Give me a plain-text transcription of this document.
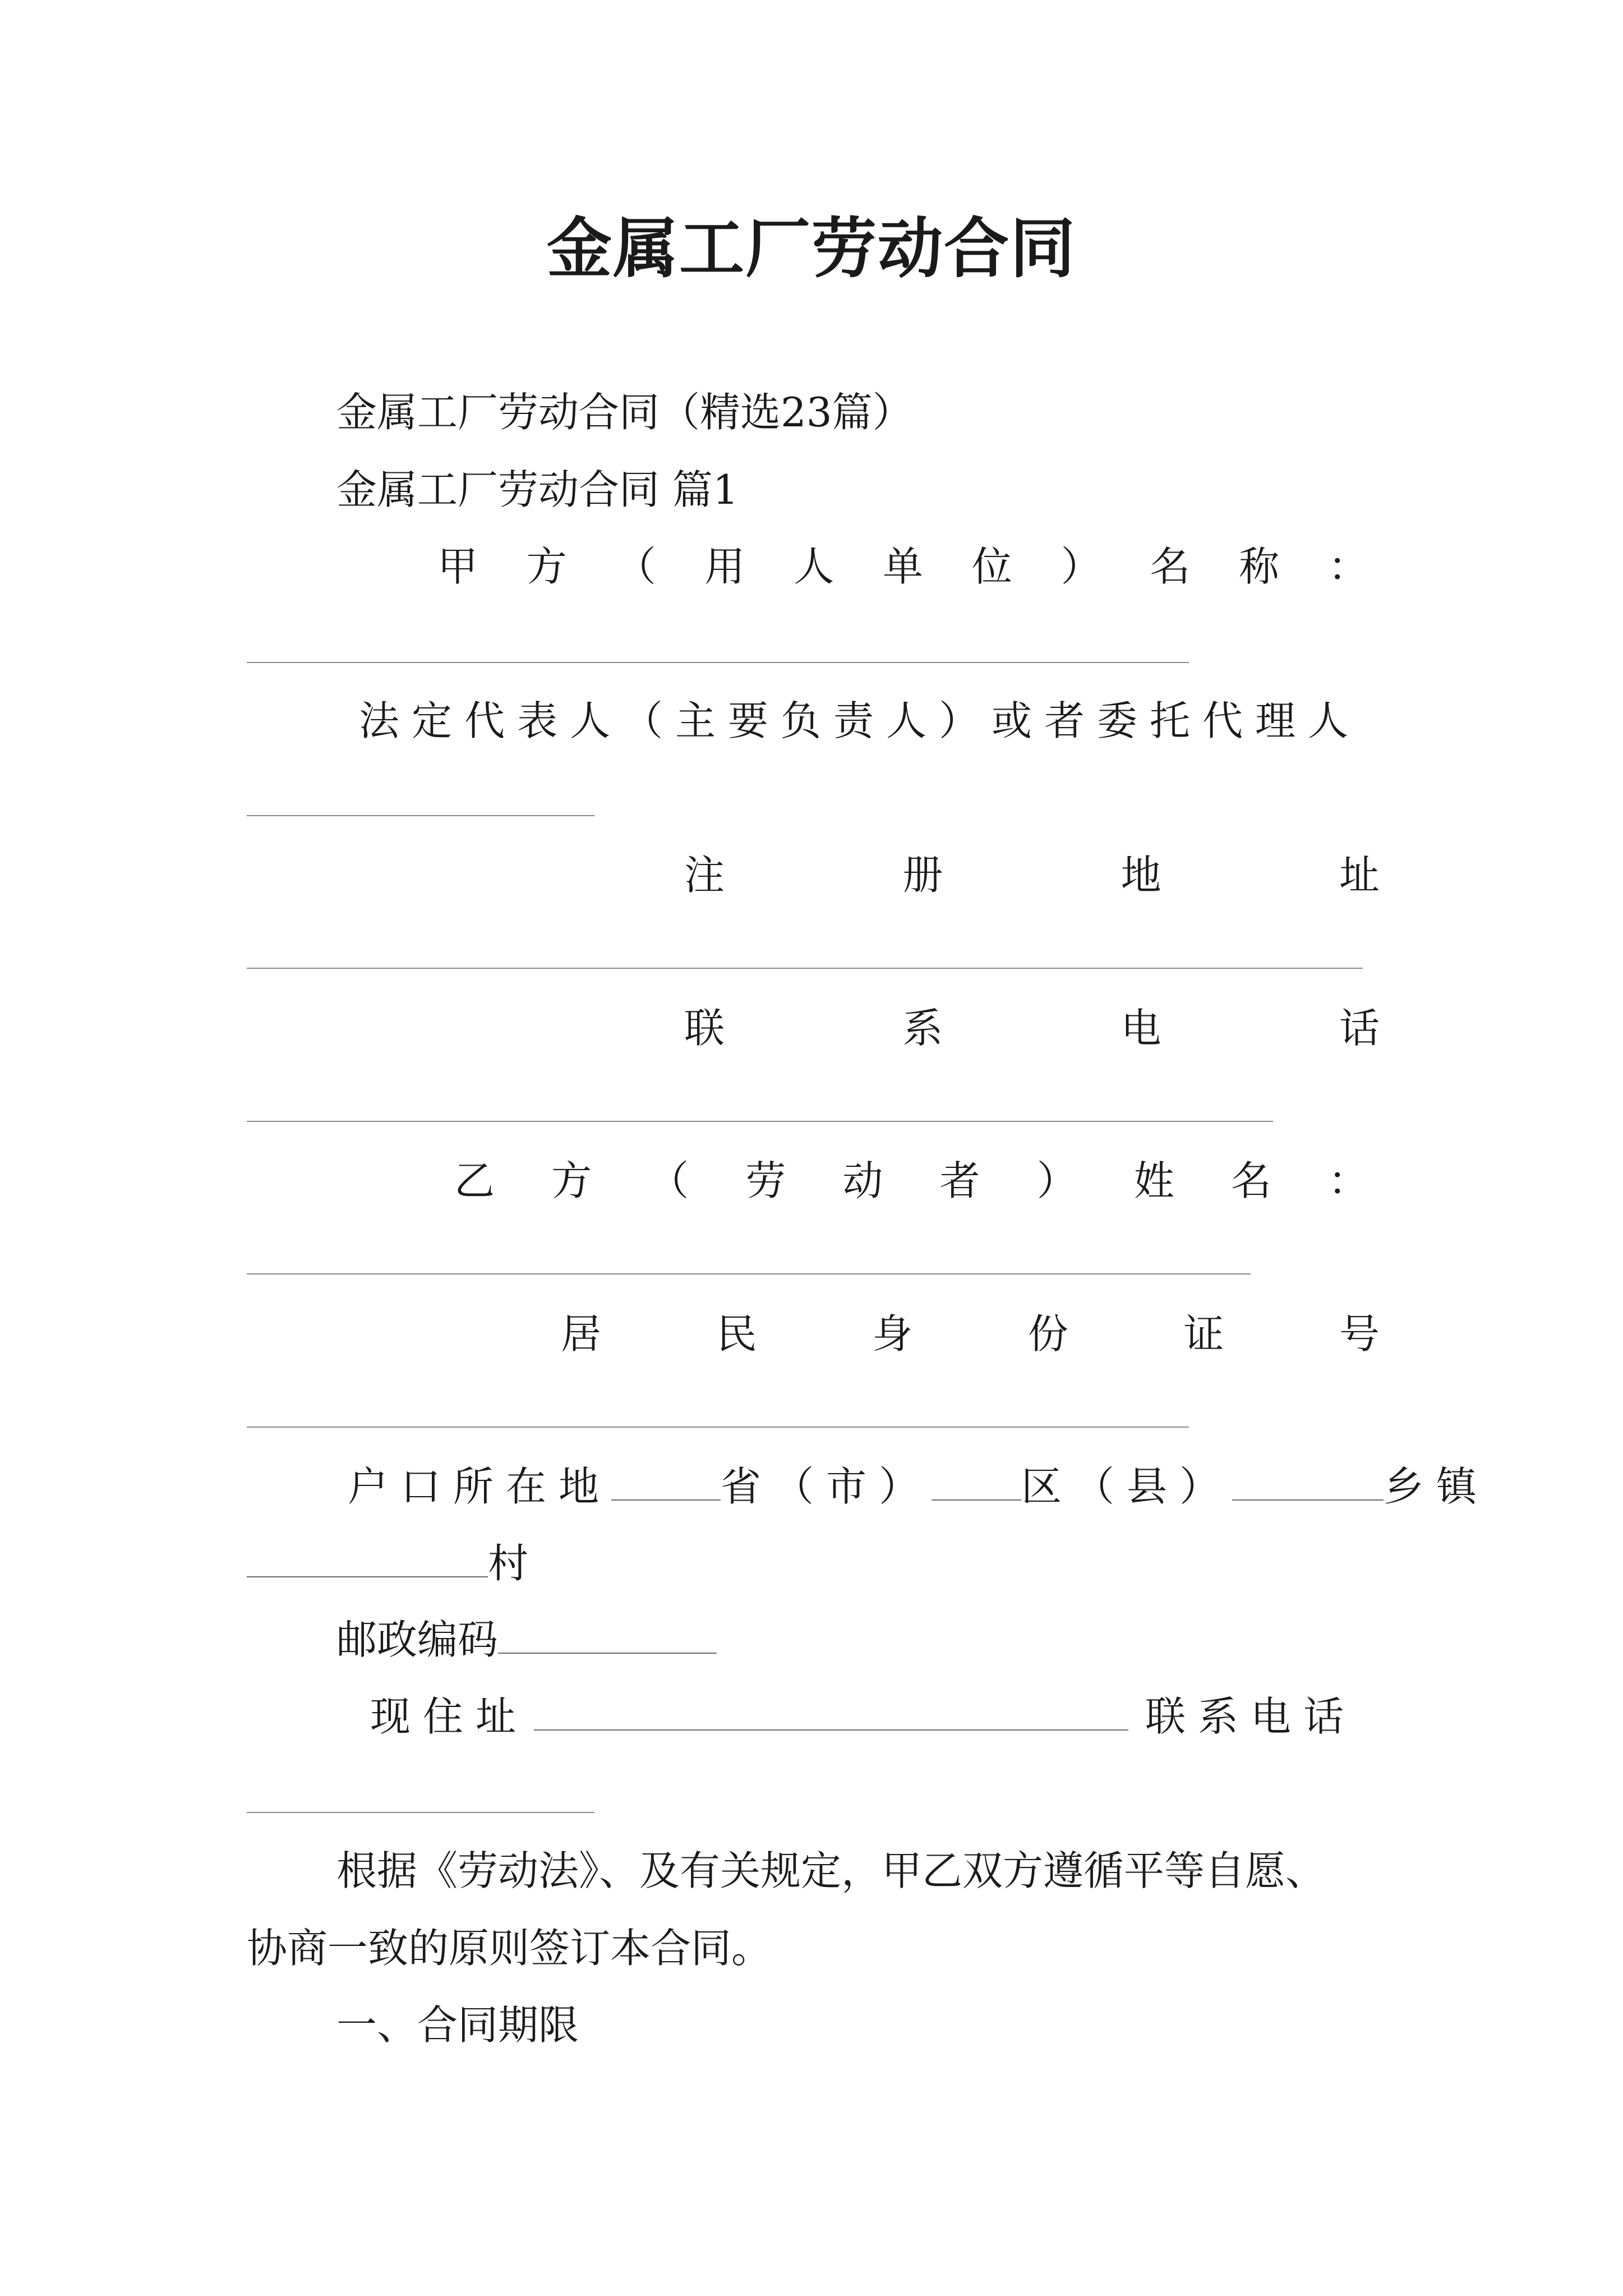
金属工厂劳动合同
金属工厂劳动合同（精选23篇）
金属工厂劳动合同 篇1
甲 方 （ 用 人 单 位 ） 名 称 ：
法定代表人（主要负责人）或者委托代理人
注	册	地	址
联	系	电	话
乙 方 （ 劳 动 者 ） 姓 名 ：
居	民	身	份	证	号
户口所在地	省（市） 区（县）	乡镇
村
邮政编码
现住址	联系电话
根据《劳动法》、及有关规定，甲乙双方遵循平等自愿、
协商一致的原则签订本合同。
一、合同期限
